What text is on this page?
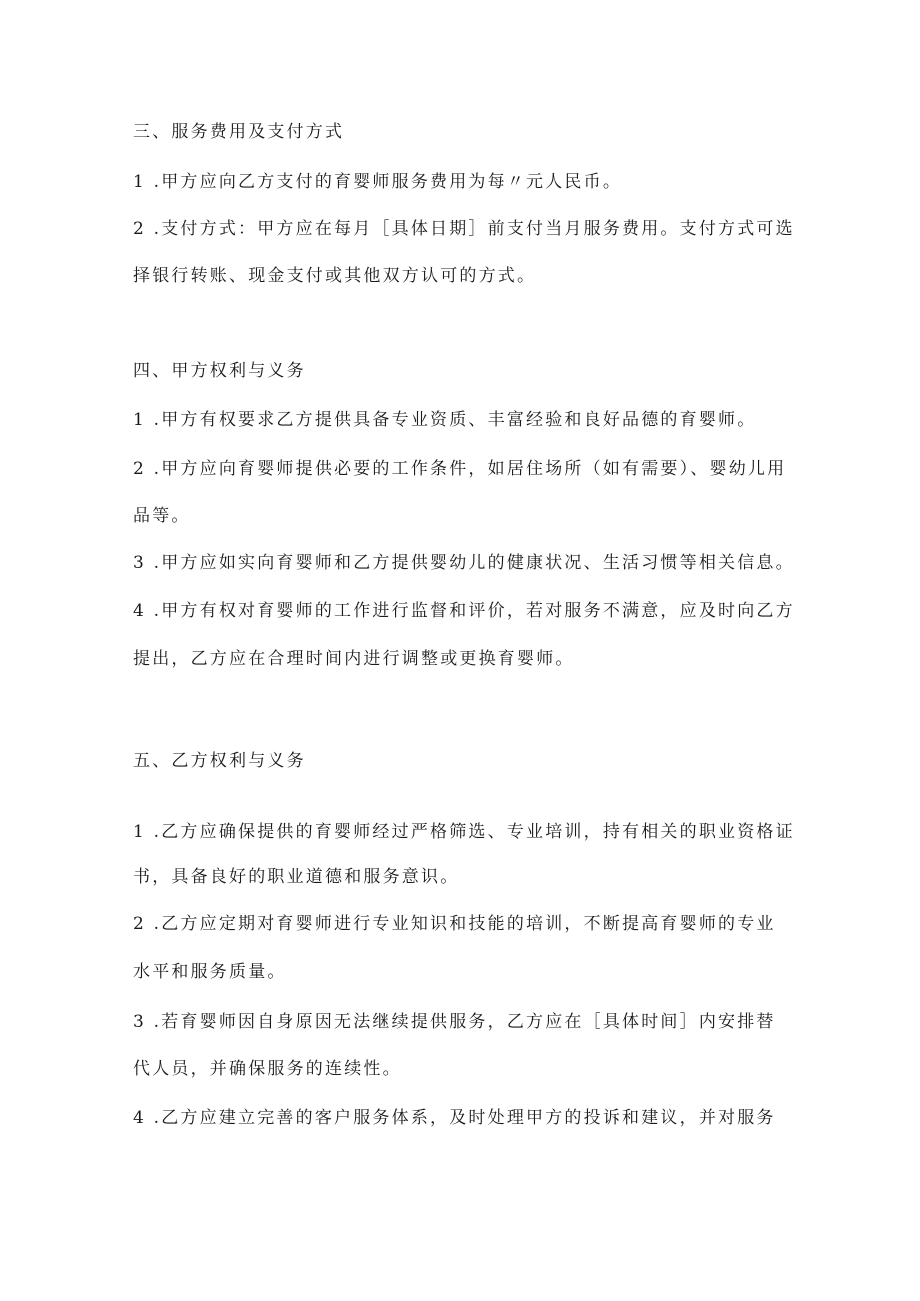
三、服务费用及支付方式
1 .甲方应向乙方支付的育婴师服务费用为每〃元人民币。
2 .支付方式：甲方应在每月［具体日期］前支付当月服务费用。支付方式可选
择银行转账、现金支付或其他双方认可的方式。
四、甲方权利与义务
1 .甲方有权要求乙方提供具备专业资质、丰富经验和良好品德的育婴师。
2 .甲方应向育婴师提供必要的工作条件，如居住场所（如有需要）、婴幼儿用
品等。
3 .甲方应如实向育婴师和乙方提供婴幼儿的健康状况、生活习惯等相关信息。
4 .甲方有权对育婴师的工作进行监督和评价，若对服务不满意，应及时向乙方
提出，乙方应在合理时间内进行调整或更换育婴师。
五、乙方权利与义务
1 .乙方应确保提供的育婴师经过严格筛选、专业培训，持有相关的职业资格证
书，具备良好的职业道德和服务意识。
2 .乙方应定期对育婴师进行专业知识和技能的培训，不断提高育婴师的专业
水平和服务质量。
3 .若育婴师因自身原因无法继续提供服务，乙方应在［具体时间］内安排替
代人员，并确保服务的连续性。
4 .乙方应建立完善的客户服务体系，及时处理甲方的投诉和建议，并对服务
